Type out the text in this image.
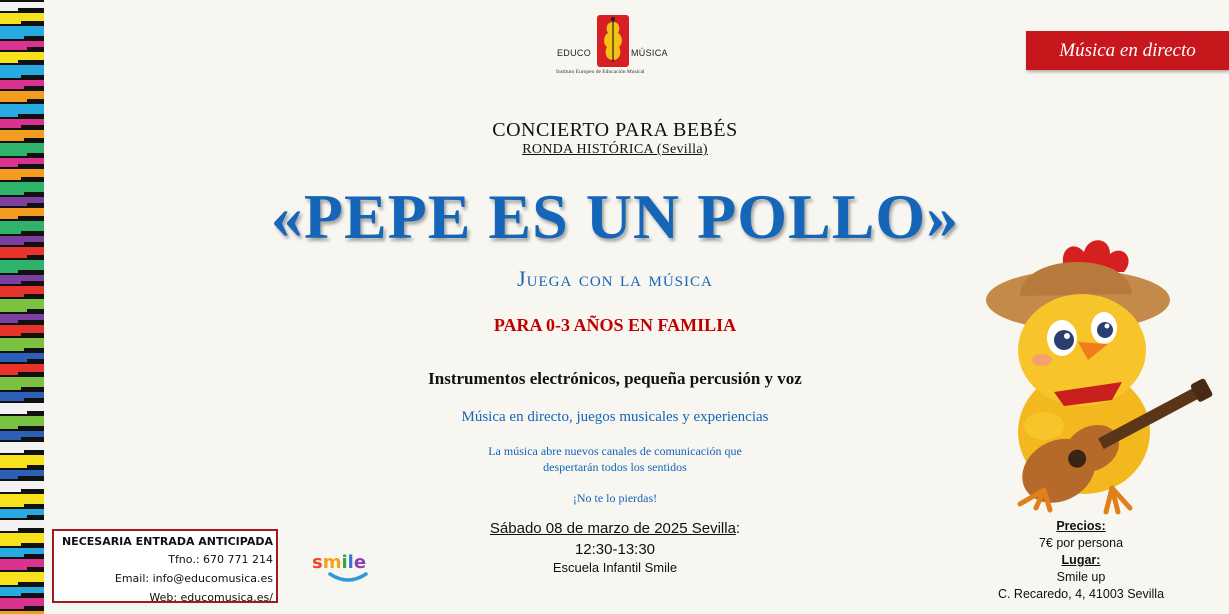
EDUCO	MÚSICA
Instituto Europeo de Educación Musical
Música en directo
CONCIERTO PARA BEBÉS
RONDA HISTÓRICA (Sevilla)
«PEPE ES UN POLLO»
Juega con la música
PARA 0-3 AÑOS EN FAMILIA
Instrumentos electrónicos, pequeña percusión y voz
Música en directo, juegos musicales y experiencias
La música abre nuevos canales de comunicación que
despertarán todos los sentidos
¡No te lo pierdas!
Sábado 08 de marzo de 2025 Sevilla:
12:30-13:30
Escuela Infantil Smile
NECESARIA ENTRADA ANTICIPADA
Tfno.: 670 771 214
Email: info@educomusica.es
Web: educomusica.es/
smile
Precios:
7€ por persona
Lugar:
Smile up
C. Recaredo, 4, 41003 Sevilla
